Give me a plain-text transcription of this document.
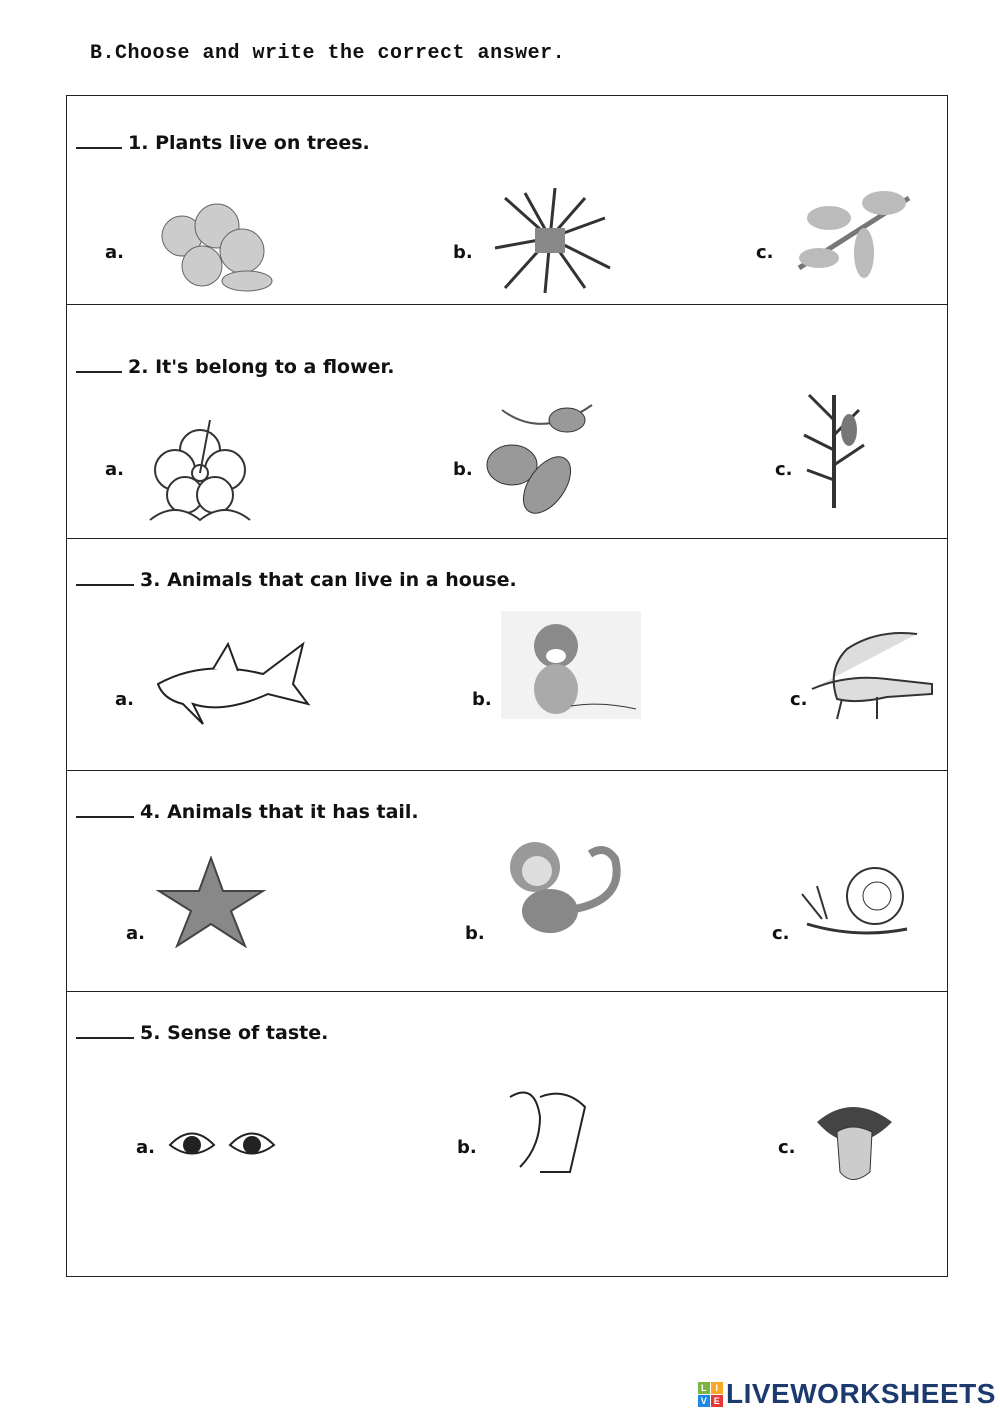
B.Choose and write the correct answer.
1. Plants live on trees.
a.	b.	c.
2. It's belong to a flower.
a.	b.	c.
3. Animals that can live in a house.
a.	b.	c.
4. Animals that it has tail.
a.	b.	c.
5. Sense of taste.
a.	b.	c.
L I
V E LIVEWORKSHEETS
